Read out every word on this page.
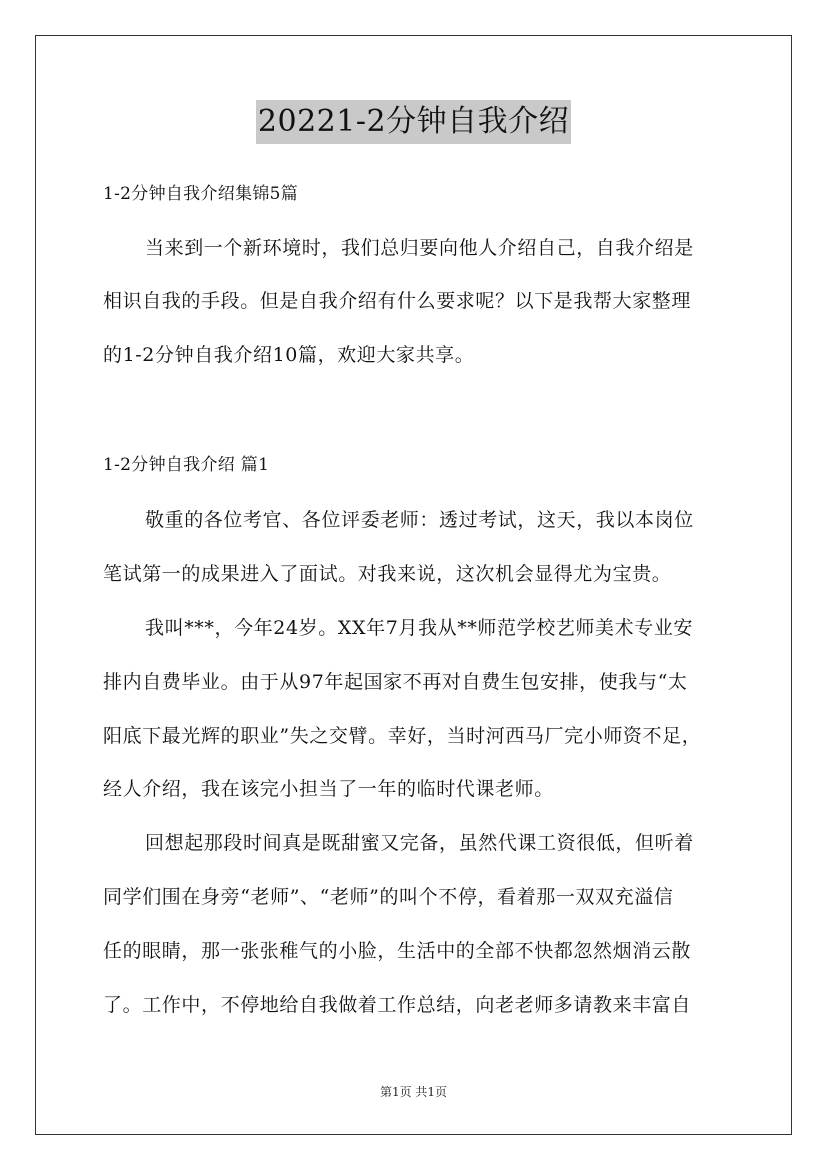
20221-2分钟自我介绍
1-2分钟自我介绍集锦5篇
当来到一个新环境时，我们总归要向他人介绍自己，自我介绍是
相识自我的手段。但是自我介绍有什么要求呢？以下是我帮大家整理
的1-2分钟自我介绍10篇，欢迎大家共享。
1-2分钟自我介绍 篇1
敬重的各位考官、各位评委老师：透过考试，这天，我以本岗位
笔试第一的成果进入了面试。对我来说，这次机会显得尤为宝贵。
我叫***，今年24岁。XX年7月我从**师范学校艺师美术专业安
排内自费毕业。由于从97年起国家不再对自费生包安排，使我与“太
阳底下最光辉的职业”失之交臂。幸好，当时河西马厂完小师资不足，
经人介绍，我在该完小担当了一年的临时代课老师。
回想起那段时间真是既甜蜜又完备，虽然代课工资很低，但听着
同学们围在身旁“老师”、“老师”的叫个不停，看着那一双双充溢信
任的眼睛，那一张张稚气的小脸，生活中的全部不快都忽然烟消云散
了。工作中，不停地给自我做着工作总结，向老老师多请教来丰富自
第1页 共1页
